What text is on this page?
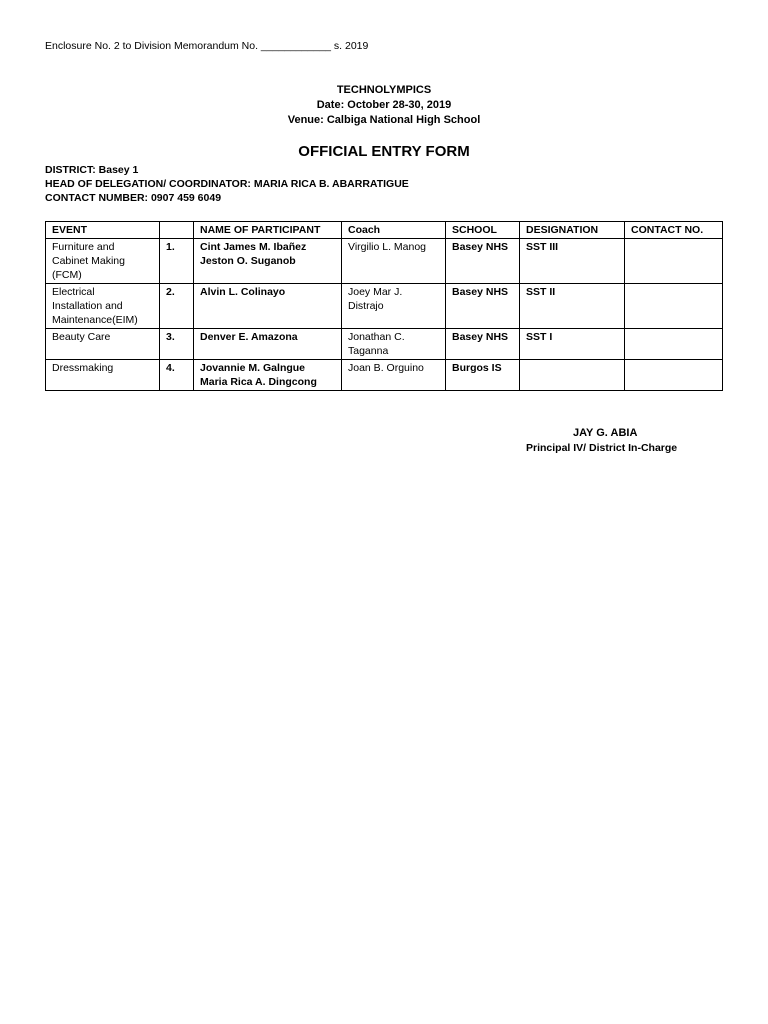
Enclosure No. 2 to Division Memorandum No. ____________ s. 2019
TECHNOLYMPICS
Date: October 28-30, 2019
Venue: Calbiga National High School
OFFICIAL ENTRY FORM
DISTRICT: Basey 1
HEAD OF DELEGATION/ COORDINATOR: MARIA RICA B. ABARRATIGUE
CONTACT NUMBER: 0907 459 6049
EVENT		NAME OF PARTICIPANT	Coach	SCHOOL	DESIGNATION	CONTACT NO.

Furniture and
Cabinet Making
(FCM)	1.	Cint James M. Ibañez
Jeston O. Suganob	Virgilio L. Manog	Basey NHS	SST III	

Electrical
Installation and
Maintenance(EIM)	2.	Alvin L. Colinayo	Joey Mar J.
Distrajo	Basey NHS	SST II	

Beauty Care	3.	Denver E. Amazona	Jonathan C.
Taganna	Basey NHS	SST I	

Dressmaking	4.	Jovannie M. Galngue
Maria Rica A. Dingcong	Joan B. Orguino	Burgos IS		
JAY G. ABIA
Principal IV/ District In-Charge
